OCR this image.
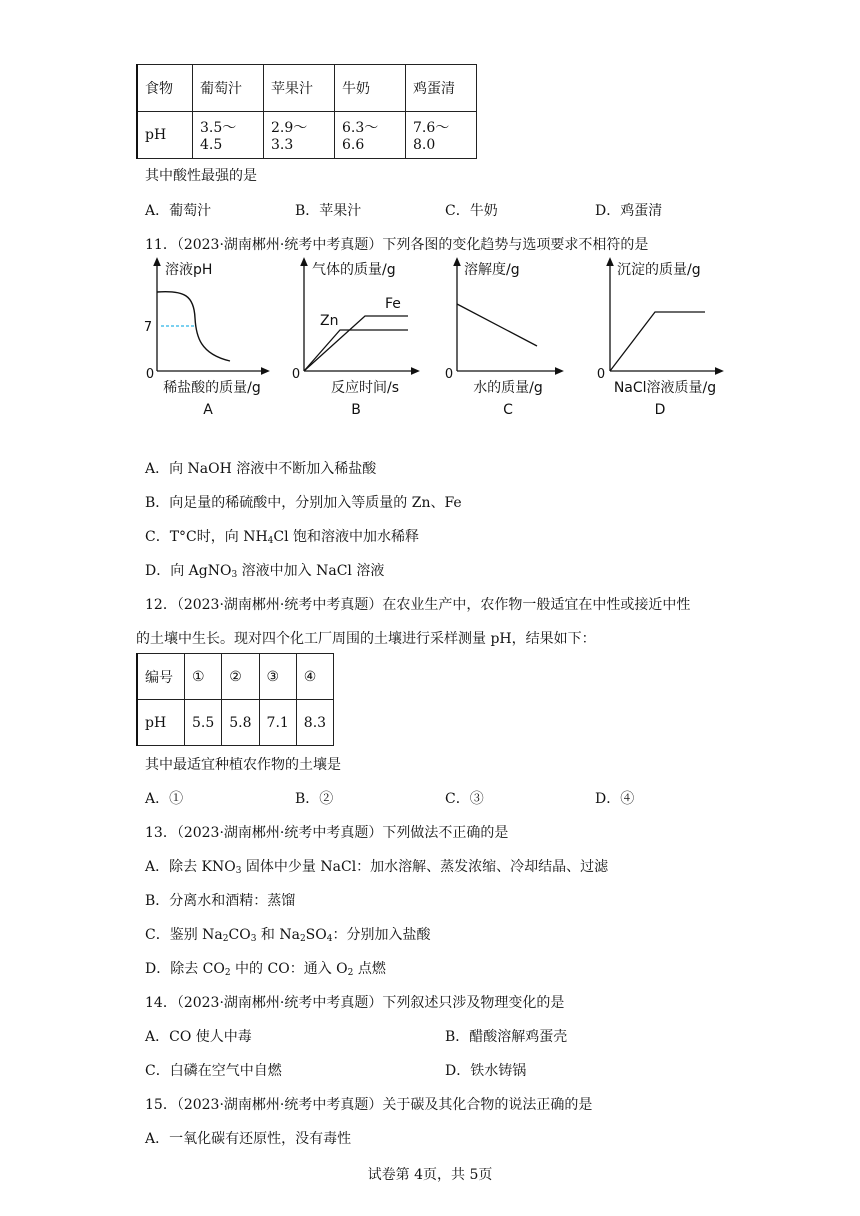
食物	葡萄汁	苹果汁	牛奶	鸡蛋清
pH	3.5～4.5	2.9～3.3	6.3～6.6	7.6～8.0
其中酸性最强的是
A．葡萄汁	B．苹果汁	C．牛奶	D．鸡蛋清
11．（2023·湖南郴州·统考中考真题）下列各图的变化趋势与选项要求不相符的是
溶液pH
7
0
稀盐酸的质量/g
A
气体的质量/g
0
Zn
Fe
反应时间/s
B
溶解度/g
0
水的质量/g
C
沉淀的质量/g
0
NaCl溶液质量/g
D
A．向 NaOH 溶液中不断加入稀盐酸
B．向足量的稀硫酸中，分别加入等质量的 Zn、Fe
C．T°C时，向 $NH_4Cl$ 饱和溶液中加水稀释
D．向 AgNO$_3$ 溶液中加入 NaCl 溶液
12．（2023·湖南郴州·统考中考真题）在农业生产中，农作物一般适宜在中性或接近中性
的土壤中生长。现对四个化工厂周围的土壤进行采样测量 pH，结果如下：
编号	①	②	③	④
pH	5.5	5.8	7.1	8.3
其中最适宜种植农作物的土壤是
A．①	B．②	C．③	D．④
13．（2023·湖南郴州·统考中考真题）下列做法不正确的是
A．除去 $KNO_3$ 固体中少量 NaCl：加水溶解、蒸发浓缩、冷却结晶、过滤
B．分离水和酒精：蒸馏
C．鉴别 $Na_2CO_3$ 和 $Na_2SO_4$：分别加入盐酸
D．除去 $CO_2$ 中的 CO：通入 $O_2$ 点燃
14．（2023·湖南郴州·统考中考真题）下列叙述只涉及物理变化的是
A．CO 使人中毒	B．醋酸溶解鸡蛋壳
C．白磷在空气中自燃	D．铁水铸锅
15．（2023·湖南郴州·统考中考真题）关于碳及其化合物的说法正确的是
A．一氧化碳有还原性，没有毒性
试卷第 4页，共 5页
